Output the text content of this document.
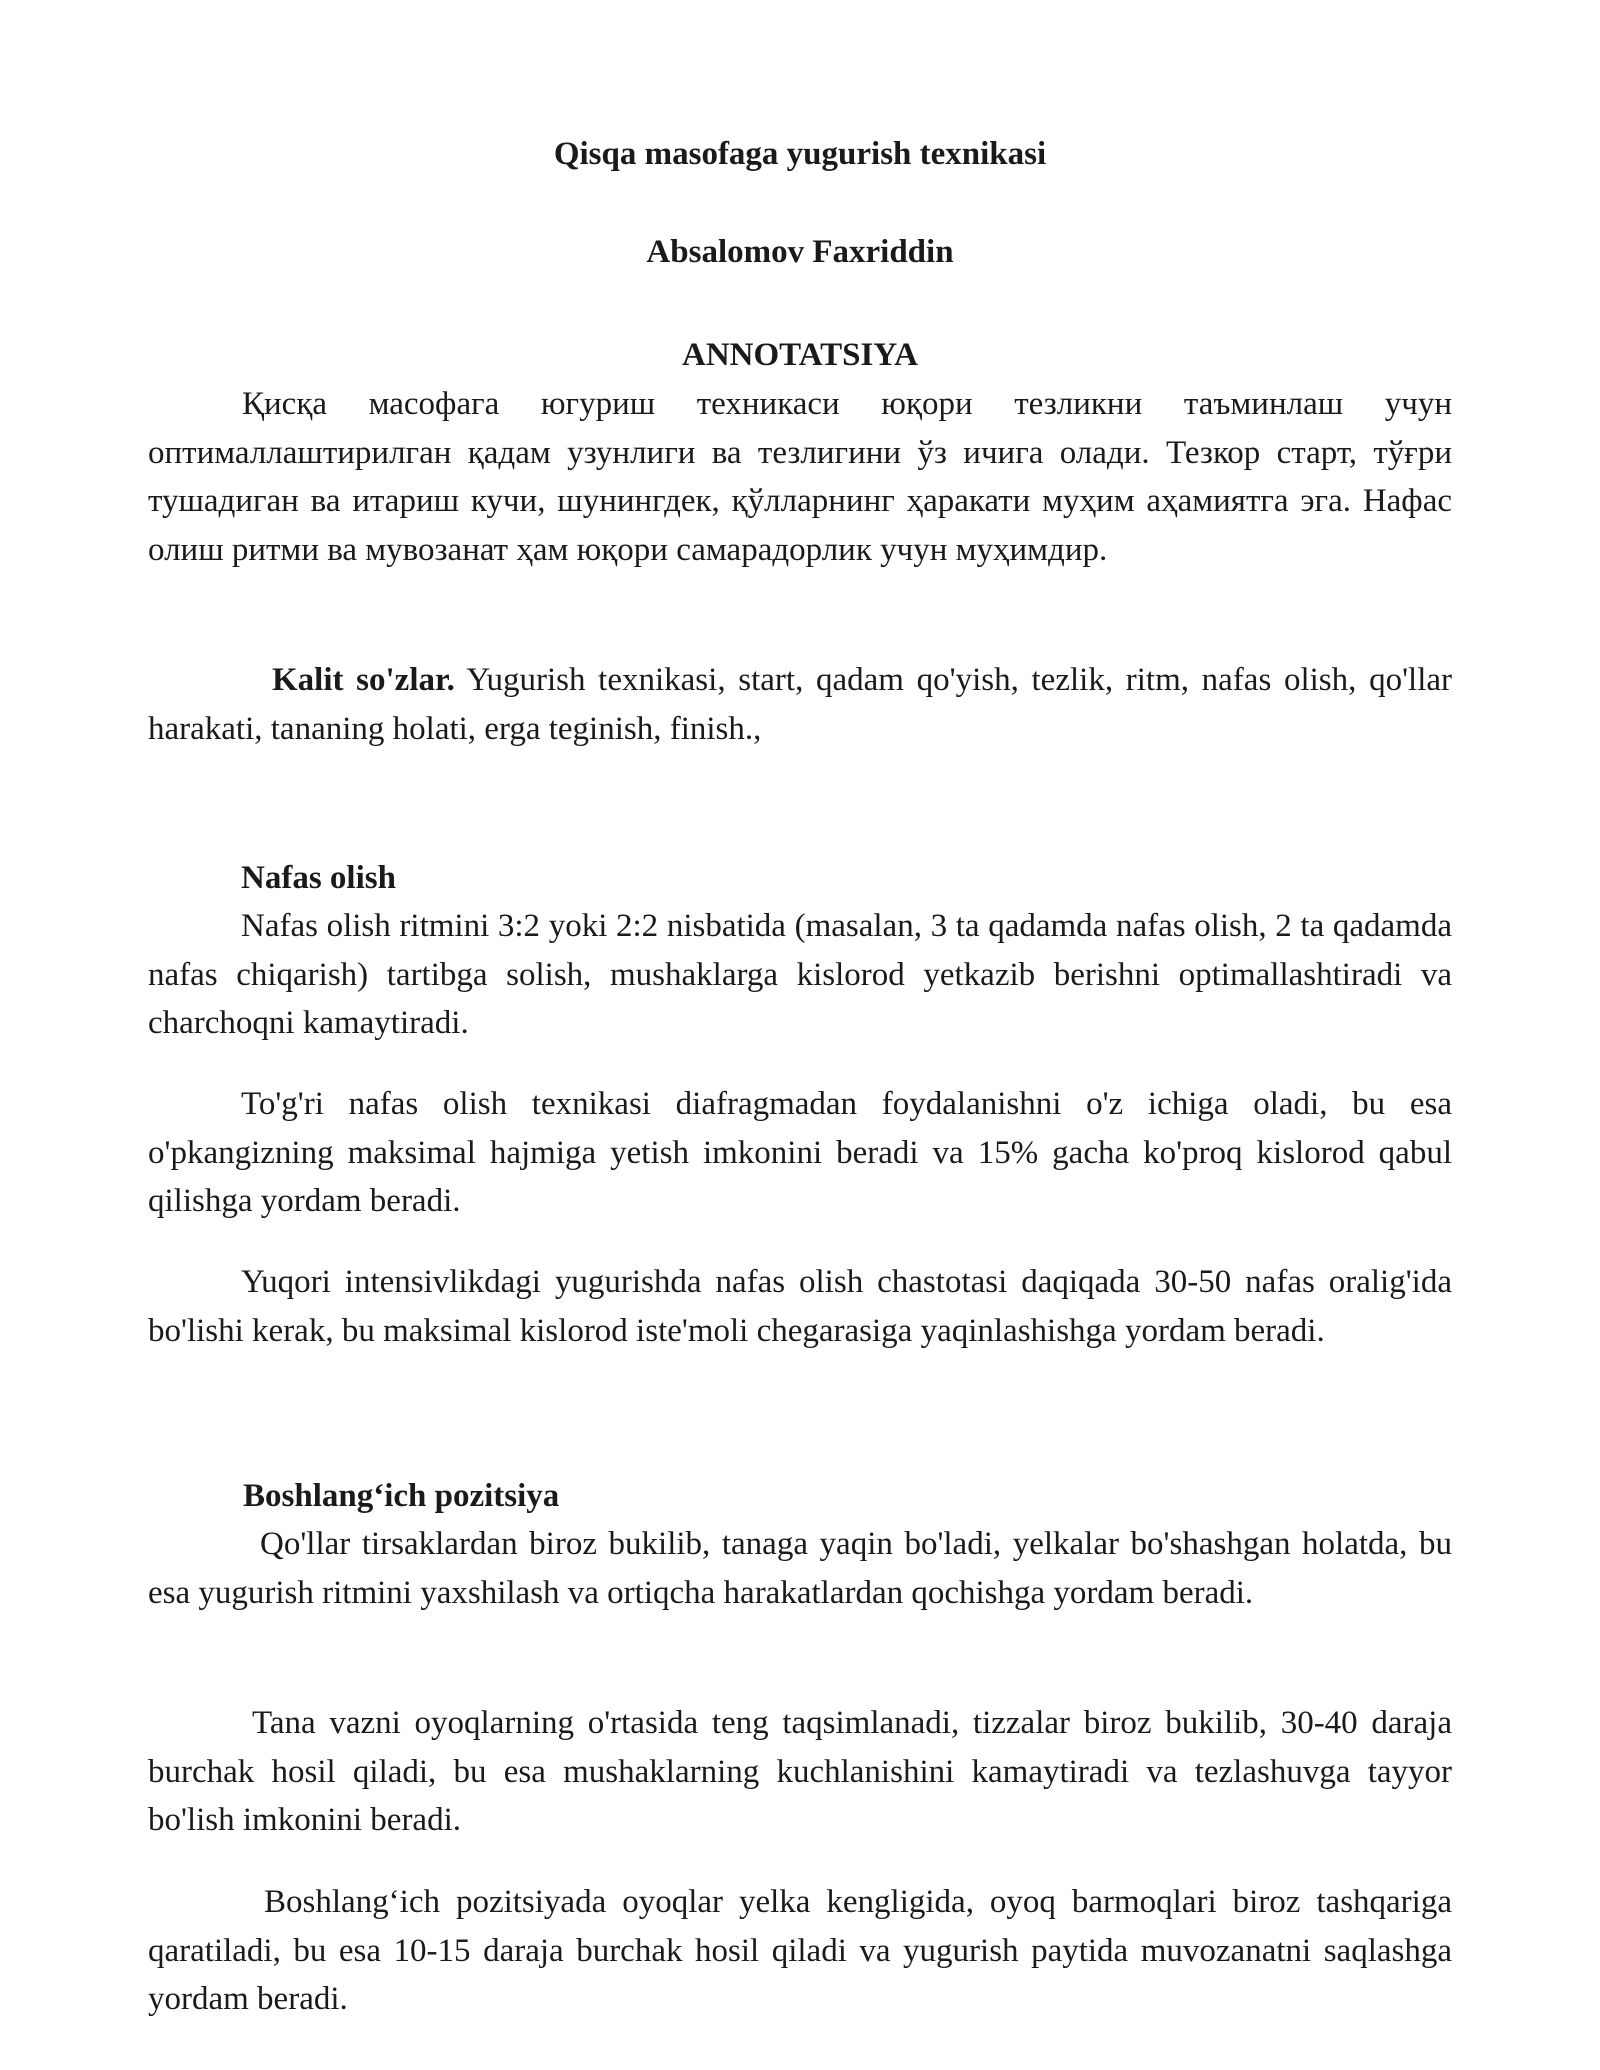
Qisqa masofaga yugurish texnikasi
Absalomov Faxriddin
ANNOTATSIYA

Қисқа масофага югуриш техникаси юқори тезликни таъминлаш учун оптималлаштирилган қадам узунлиги ва тезлигини ўз ичига олади. Тезкор старт, тўғри тушадиган ва итариш кучи, шунингдек, қўлларнинг ҳаракати муҳим аҳамиятга эга. Нафас олиш ритми ва мувозанат ҳам юқори самарадорлик учун муҳимдир.

Kalit so'zlar. Yugurish texnikasi, start, qadam qo'yish, tezlik, ritm, nafas olish, qo'llar harakati, tananing holati, erga teginish, finish.,

Nafas olish

Nafas olish ritmini 3:2 yoki 2:2 nisbatida (masalan, 3 ta qadamda nafas olish, 2 ta qadamda nafas chiqarish) tartibga solish, mushaklarga kislorod yetkazib berishni optimallashtiradi va charchoqni kamaytiradi.

To'g'ri nafas olish texnikasi diafragmadan foydalanishni o'z ichiga oladi, bu esa o'pkangizning maksimal hajmiga yetish imkonini beradi va 15% gacha ko'proq kislorod qabul qilishga yordam beradi.

Yuqori intensivlikdagi yugurishda nafas olish chastotasi daqiqada 30-50 nafas oralig'ida bo'lishi kerak, bu maksimal kislorod iste'moli chegarasiga yaqinlashishga yordam beradi.

Boshlang‘ich pozitsiya

Qo'llar tirsaklardan biroz bukilib, tanaga yaqin bo'ladi, yelkalar bo'shashgan holatda, bu esa yugurish ritmini yaxshilash va ortiqcha harakatlardan qochishga yordam beradi.

Tana vazni oyoqlarning o'rtasida teng taqsimlanadi, tizzalar biroz bukilib, 30-40 daraja burchak hosil qiladi, bu esa mushaklarning kuchlanishini kamaytiradi va tezlashuvga tayyor bo'lish imkonini beradi.

Boshlang‘ich pozitsiyada oyoqlar yelka kengligida, oyoq barmoqlari biroz tashqariga qaratiladi, bu esa 10-15 daraja burchak hosil qiladi va yugurish paytida muvozanatni saqlashga yordam beradi.
